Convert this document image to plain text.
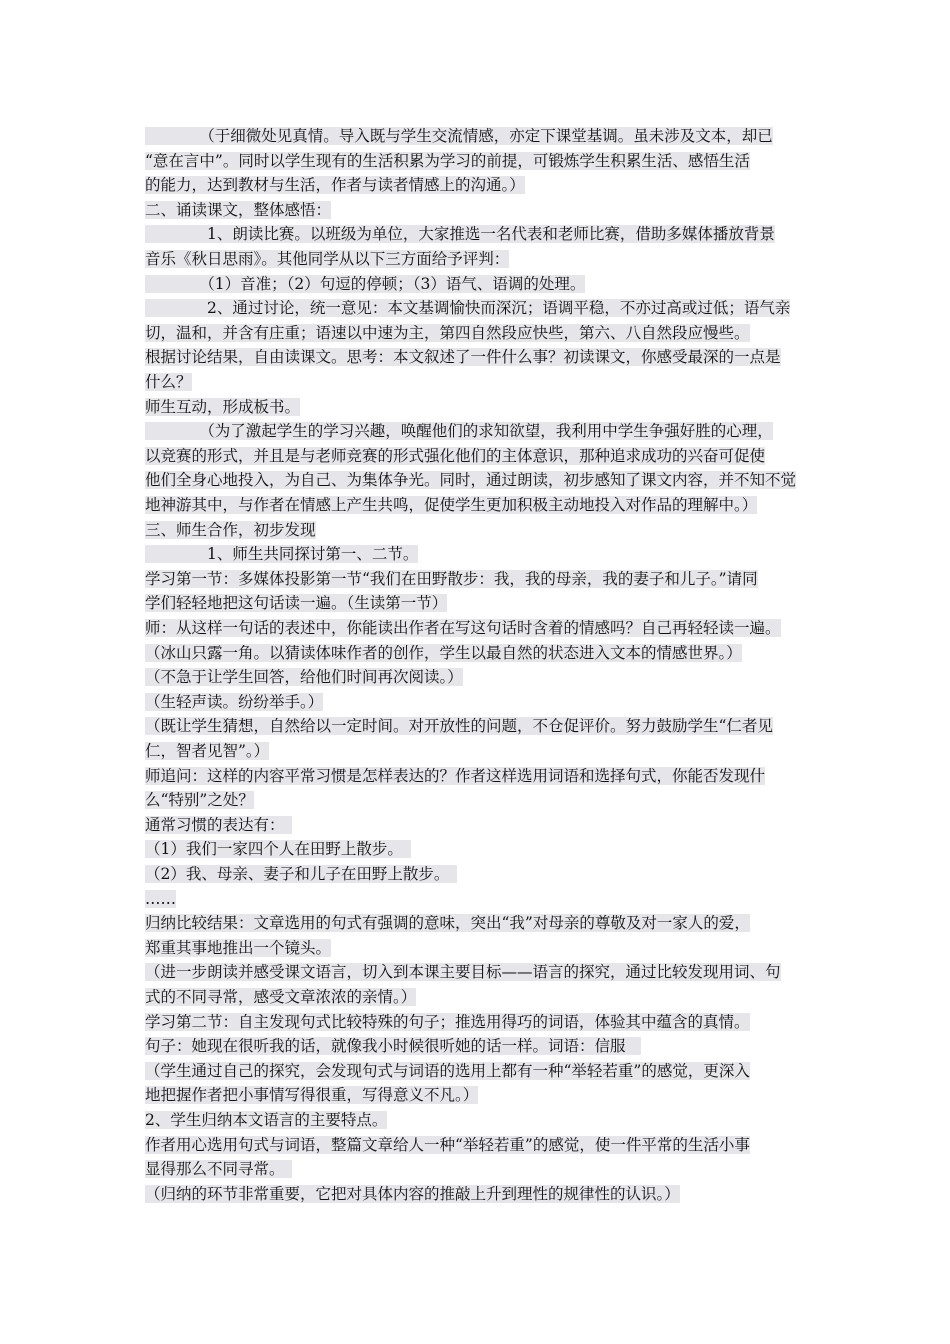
　　　　（于细微处见真情。导入既与学生交流情感，亦定下课堂基调。虽未涉及文本，却已
“意在言中”。同时以学生现有的生活积累为学习的前提，可锻炼学生积累生活、感悟生活
的能力，达到教材与生活，作者与读者情感上的沟通。）
二、诵读课文，整体感悟：
　　　　1、朗读比赛。以班级为单位，大家推选一名代表和老师比赛，借助多媒体播放背景
音乐《秋日思雨》。其他同学从以下三方面给予评判：
　　　　（1）音准；（2）句逗的停顿；（3）语气、语调的处理。
　　　　2、通过讨论，统一意见：本文基调愉快而深沉；语调平稳，不亦过高或过低；语气亲
切，温和，并含有庄重；语速以中速为主，第四自然段应快些，第六、八自然段应慢些。
根据讨论结果，自由读课文。思考：本文叙述了一件什么事？初读课文，你感受最深的一点是
什么？
师生互动，形成板书。
　　　　（为了激起学生的学习兴趣，唤醒他们的求知欲望，我利用中学生争强好胜的心理，
以竞赛的形式，并且是与老师竞赛的形式强化他们的主体意识，那种追求成功的兴奋可促使
他们全身心地投入，为自己、为集体争光。同时，通过朗读，初步感知了课文内容，并不知不觉
地神游其中，与作者在情感上产生共鸣，促使学生更加积极主动地投入对作品的理解中。）
三、师生合作，初步发现
　　　　1、师生共同探讨第一、二节。
学习第一节：多媒体投影第一节“我们在田野散步：我，我的母亲，我的妻子和儿子。”请同
学们轻轻地把这句话读一遍。（生读第一节）
师：从这样一句话的表述中，你能读出作者在写这句话时含着的情感吗？自己再轻轻读一遍。
（冰山只露一角。以猜读体味作者的创作，学生以最自然的状态进入文本的情感世界。）
（不急于让学生回答，给他们时间再次阅读。）
（生轻声读。纷纷举手。）
（既让学生猜想，自然给以一定时间。对开放性的问题，不仓促评价。努力鼓励学生“仁者见
仁，智者见智”。）
师追问：这样的内容平常习惯是怎样表达的？作者这样选用词语和选择句式，你能否发现什
么“特别”之处？
通常习惯的表达有：　
（1）我们一家四个人在田野上散步。　
（2）我、母亲、妻子和儿子在田野上散步。　
……
归纳比较结果：文章选用的句式有强调的意味，突出“我”对母亲的尊敬及对一家人的爱，
郑重其事地推出一个镜头。
（进一步朗读并感受课文语言，切入到本课主要目标——语言的探究，通过比较发现用词、句
式的不同寻常，感受文章浓浓的亲情。）
学习第二节：自主发现句式比较特殊的句子；推选用得巧的词语，体验其中蕴含的真情。
句子：她现在很听我的话，就像我小时候很听她的话一样。词语：信服　
（学生通过自己的探究，会发现句式与词语的选用上都有一种“举轻若重”的感觉，更深入
地把握作者把小事情写得很重，写得意义不凡。）
2、学生归纳本文语言的主要特点。
作者用心选用句式与词语，整篇文章给人一种“举轻若重”的感觉，使一件平常的生活小事
显得那么不同寻常。　
（归纳的环节非常重要，它把对具体内容的推敲上升到理性的规律性的认识。）
